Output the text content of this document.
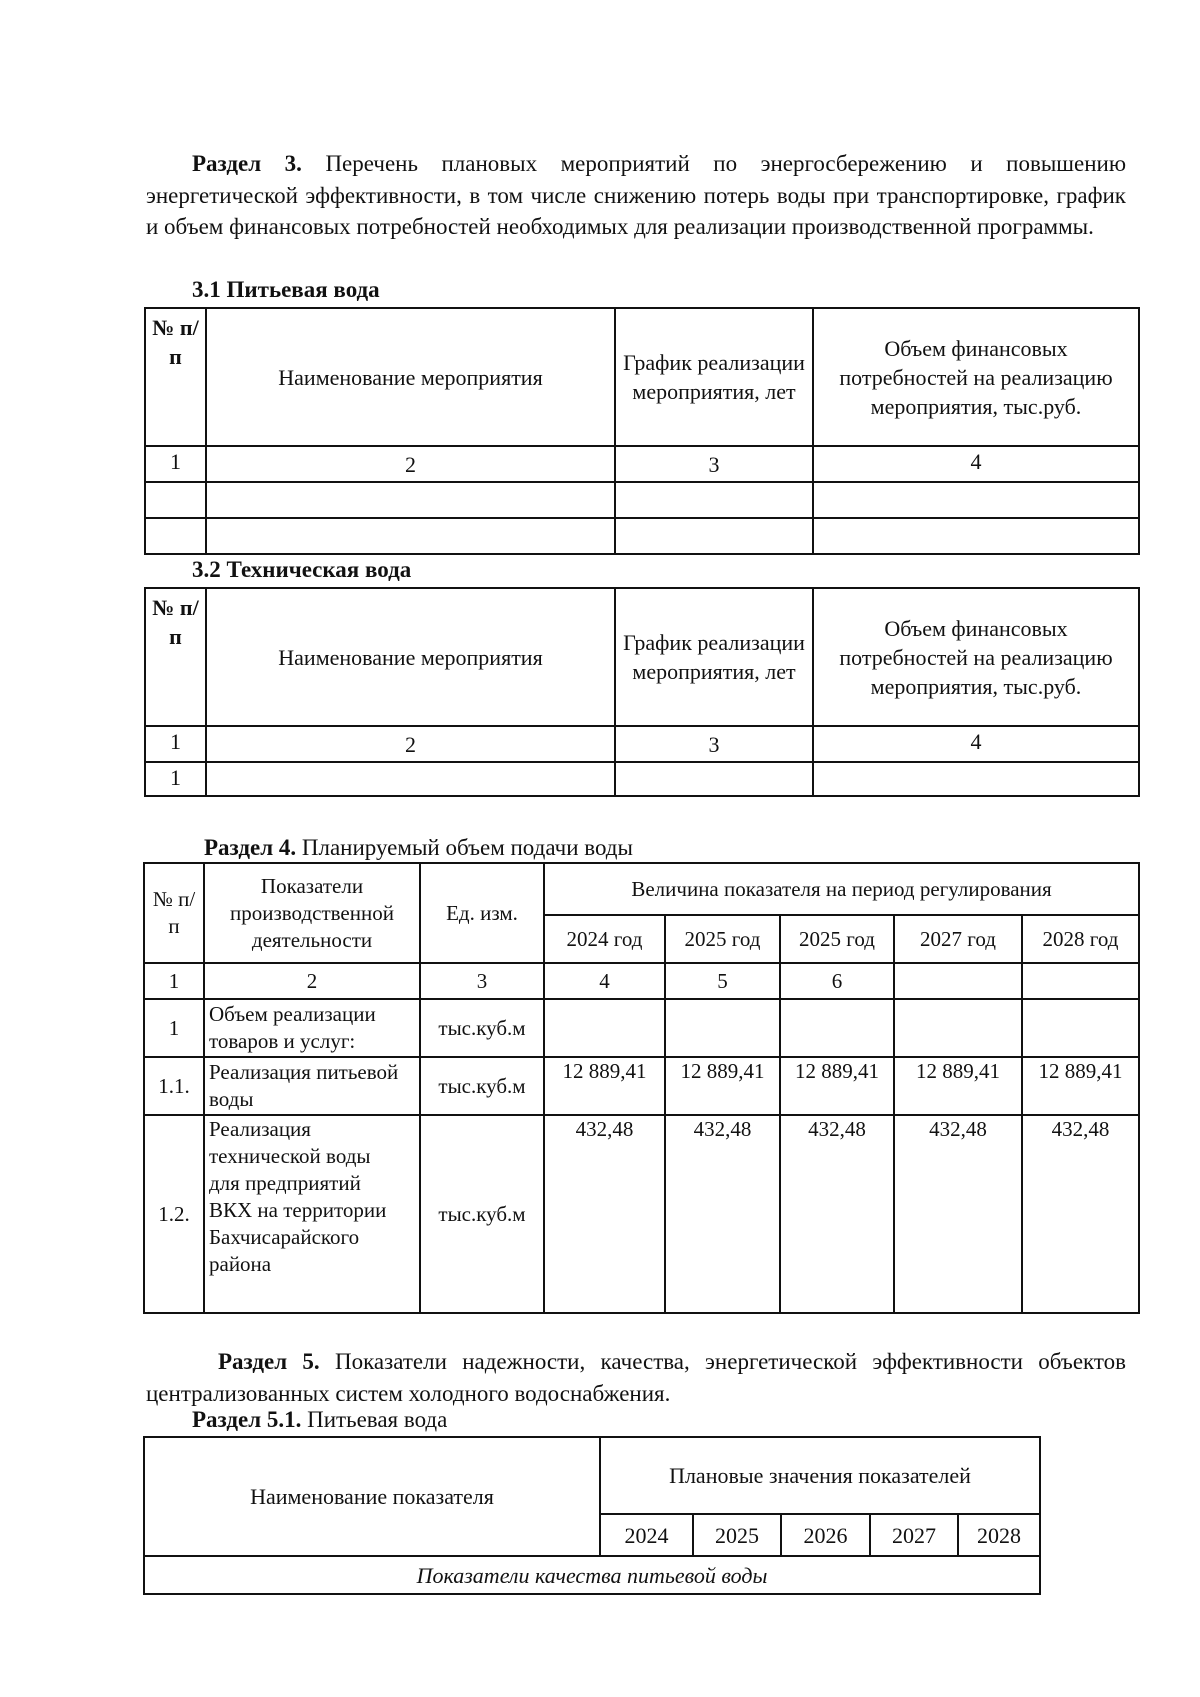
Раздел 3. Перечень плановых мероприятий по энергосбережению и повышению энергетической эффективности, в том числе снижению потерь воды при транспортировке, график и объем финансовых потребностей необходимых для реализации производственной программы.
3.1 Питьевая вода
№ п/п	Наименование мероприятия	График реализации мероприятия, лет	Объем финансовых потребностей на реализацию мероприятия, тыс.руб.
1	2	3	4

3.2 Техническая вода
№ п/п	Наименование мероприятия	График реализации мероприятия, лет	Объем финансовых потребностей на реализацию мероприятия, тыс.руб.
1	2	3	4
1			
Раздел 4. Планируемый объем подачи воды
№ п/п	Показатели производственной деятельности	Ед. изм.	Величина показателя на период регулирования				
			2024 год	2025 год	2025 год	2027 год	2028 год
1	2	3	4	5	6		
1	Объем реализации товаров и услуг:	тыс.куб.м					
1.1.	Реализация питьевой воды	тыс.куб.м	12 889,41	12 889,41	12 889,41	12 889,41	12 889,41
1.2.	Реализация технической воды для предприятий ВКХ на территории Бахчисарайского района	тыс.куб.м	432,48	432,48	432,48	432,48	432,48
Раздел 5. Показатели надежности, качества, энергетической эффективности объектов централизованных систем холодного водоснабжения.
Раздел 5.1. Питьевая вода
Наименование показателя	Плановые значения показателей				
	2024	2025	2026	2027	2028
Показатели качества питьевой воды					
